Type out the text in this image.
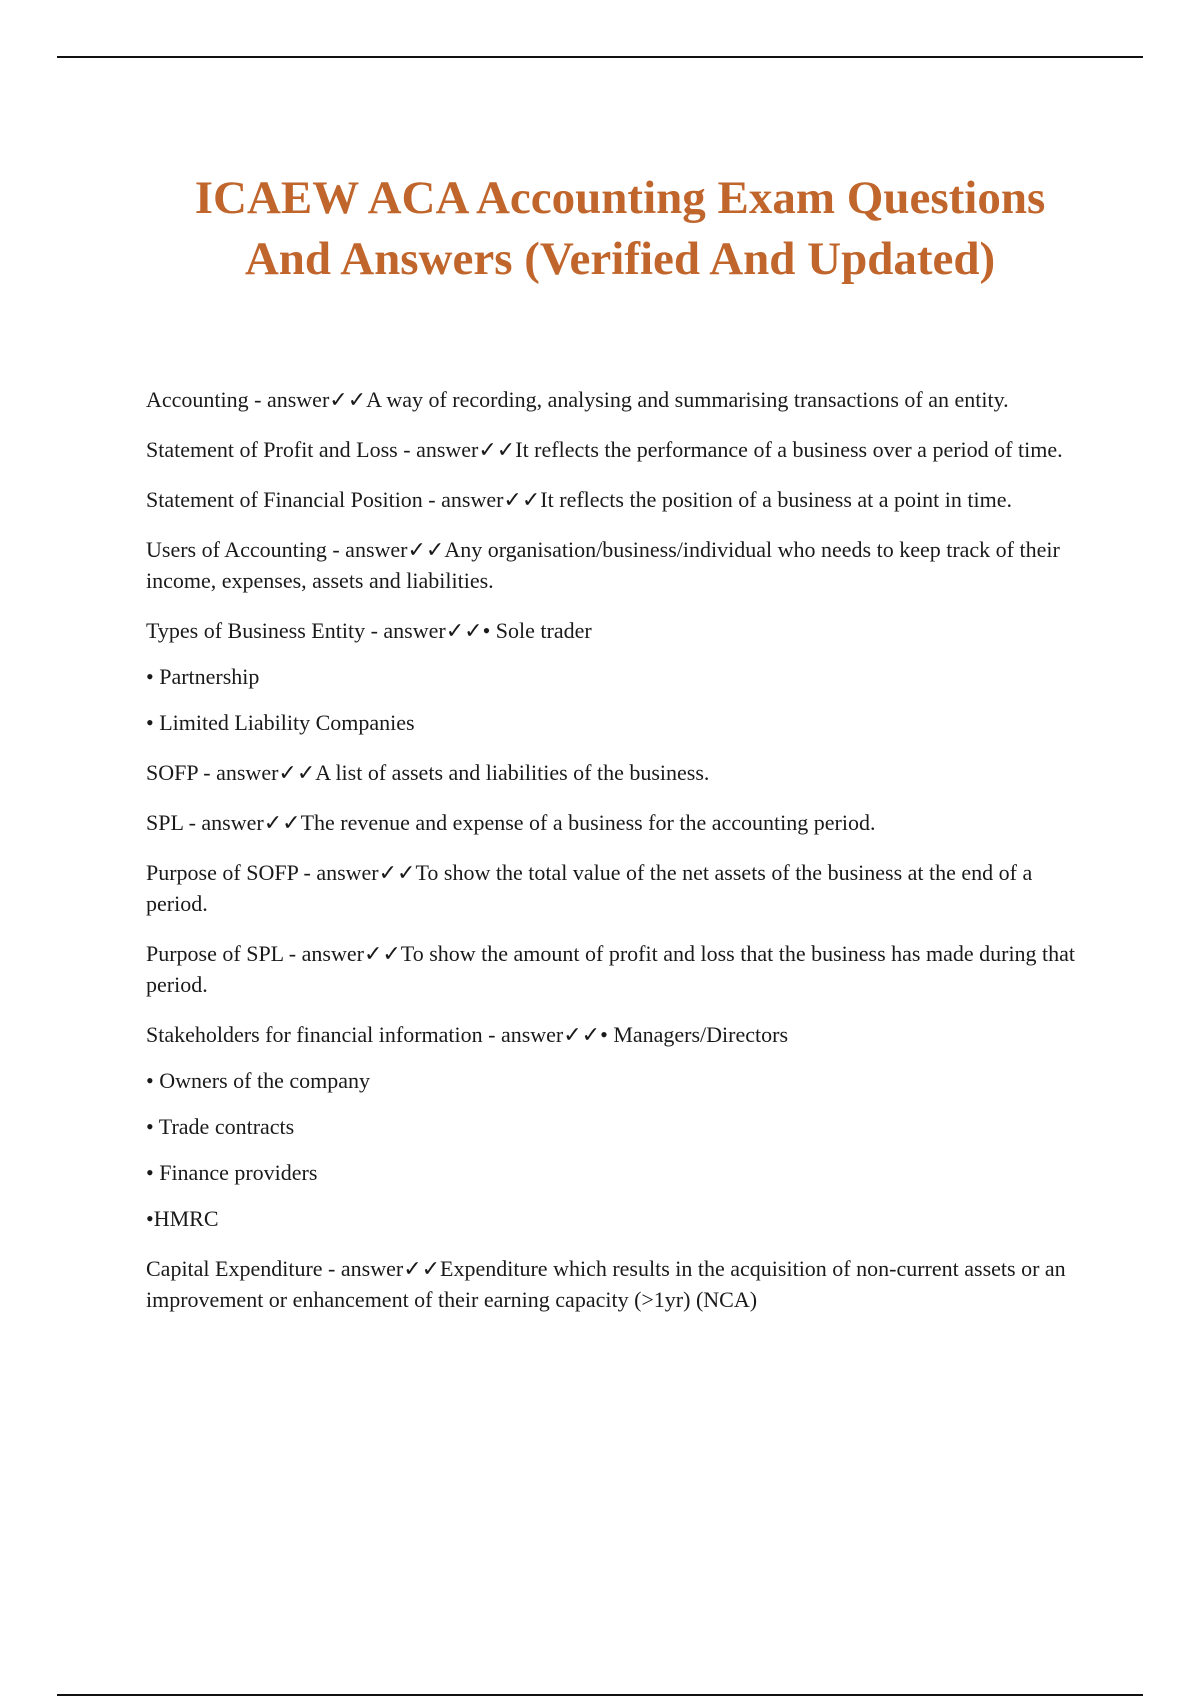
ICAEW ACA Accounting Exam Questions
And Answers (Verified And Updated)

Accounting - answer✓✓A way of recording, analysing and summarising transactions of an entity.

Statement of Profit and Loss - answer✓✓It reflects the performance of a business over a period of time.

Statement of Financial Position - answer✓✓It reflects the position of a business at a point in time.

Users of Accounting - answer✓✓Any organisation/business/individual who needs to keep track of their income, expenses, assets and liabilities.

Types of Business Entity - answer✓✓• Sole trader

• Partnership

• Limited Liability Companies

SOFP - answer✓✓A list of assets and liabilities of the business.

SPL - answer✓✓The revenue and expense of a business for the accounting period.

Purpose of SOFP - answer✓✓To show the total value of the net assets of the business at the end of a period.

Purpose of SPL - answer✓✓To show the amount of profit and loss that the business has made during that period.

Stakeholders for financial information - answer✓✓• Managers/Directors

• Owners of the company

• Trade contracts

• Finance providers

•HMRC

Capital Expenditure - answer✓✓Expenditure which results in the acquisition of non-current assets or an improvement or enhancement of their earning capacity (>1yr) (NCA)
